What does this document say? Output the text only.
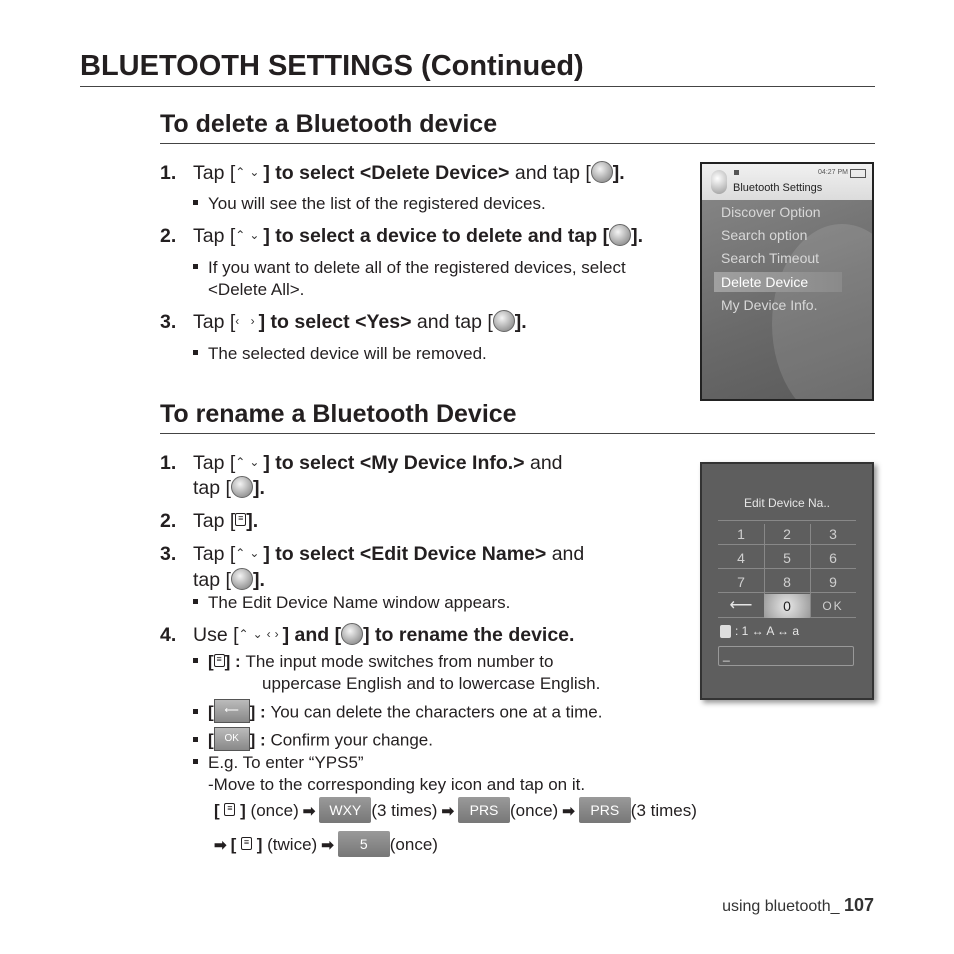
BLUETOOTH SETTINGS (Continued)
To delete a Bluetooth device
1. Tap [⌃⌄] to select <Delete Device> and tap [ ].
You will see the list of the registered devices.
2. Tap [⌃⌄] to select a device to delete and tap [ ].
If you want to delete all of the registered devices, select
<Delete All>.
3. Tap [‹ ›] to select <Yes> and tap [ ].
The selected device will be removed.
04:27 PM
Bluetooth Settings
Discover Option
Search option
Search Timeout
Delete Device
My Device Info.
To rename a Bluetooth Device
1. Tap [⌃⌄] to select <My Device Info.> and
tap [ ].
2. Tap [ ≡ ].
3. Tap [⌃⌄] to select <Edit Device Name> and
tap [ ].
The Edit Device Name window appears.
4. Use [⌃⌄‹›] and [ ] to rename the device.
[ ≡ ] : The input mode switches from number to
uppercase English and to lowercase English.
[ ⟵ ] : You can delete the characters one at a time.
[ OK ] : Confirm your change.
E.g. To enter “YPS5”
-Move to the corresponding key icon and tap on it.
[ ≡ ] (once) ➡ WXY (3 times) ➡ PRS (once) ➡ PRS (3 times)
➡ [ ≡ ] (twice) ➡ 5 (once)
Edit Device Na..
1	2	3
4	5	6
7	8	9
⟵	0	OK
: 1 ↔ A ↔ a
_
using bluetooth_ 107
